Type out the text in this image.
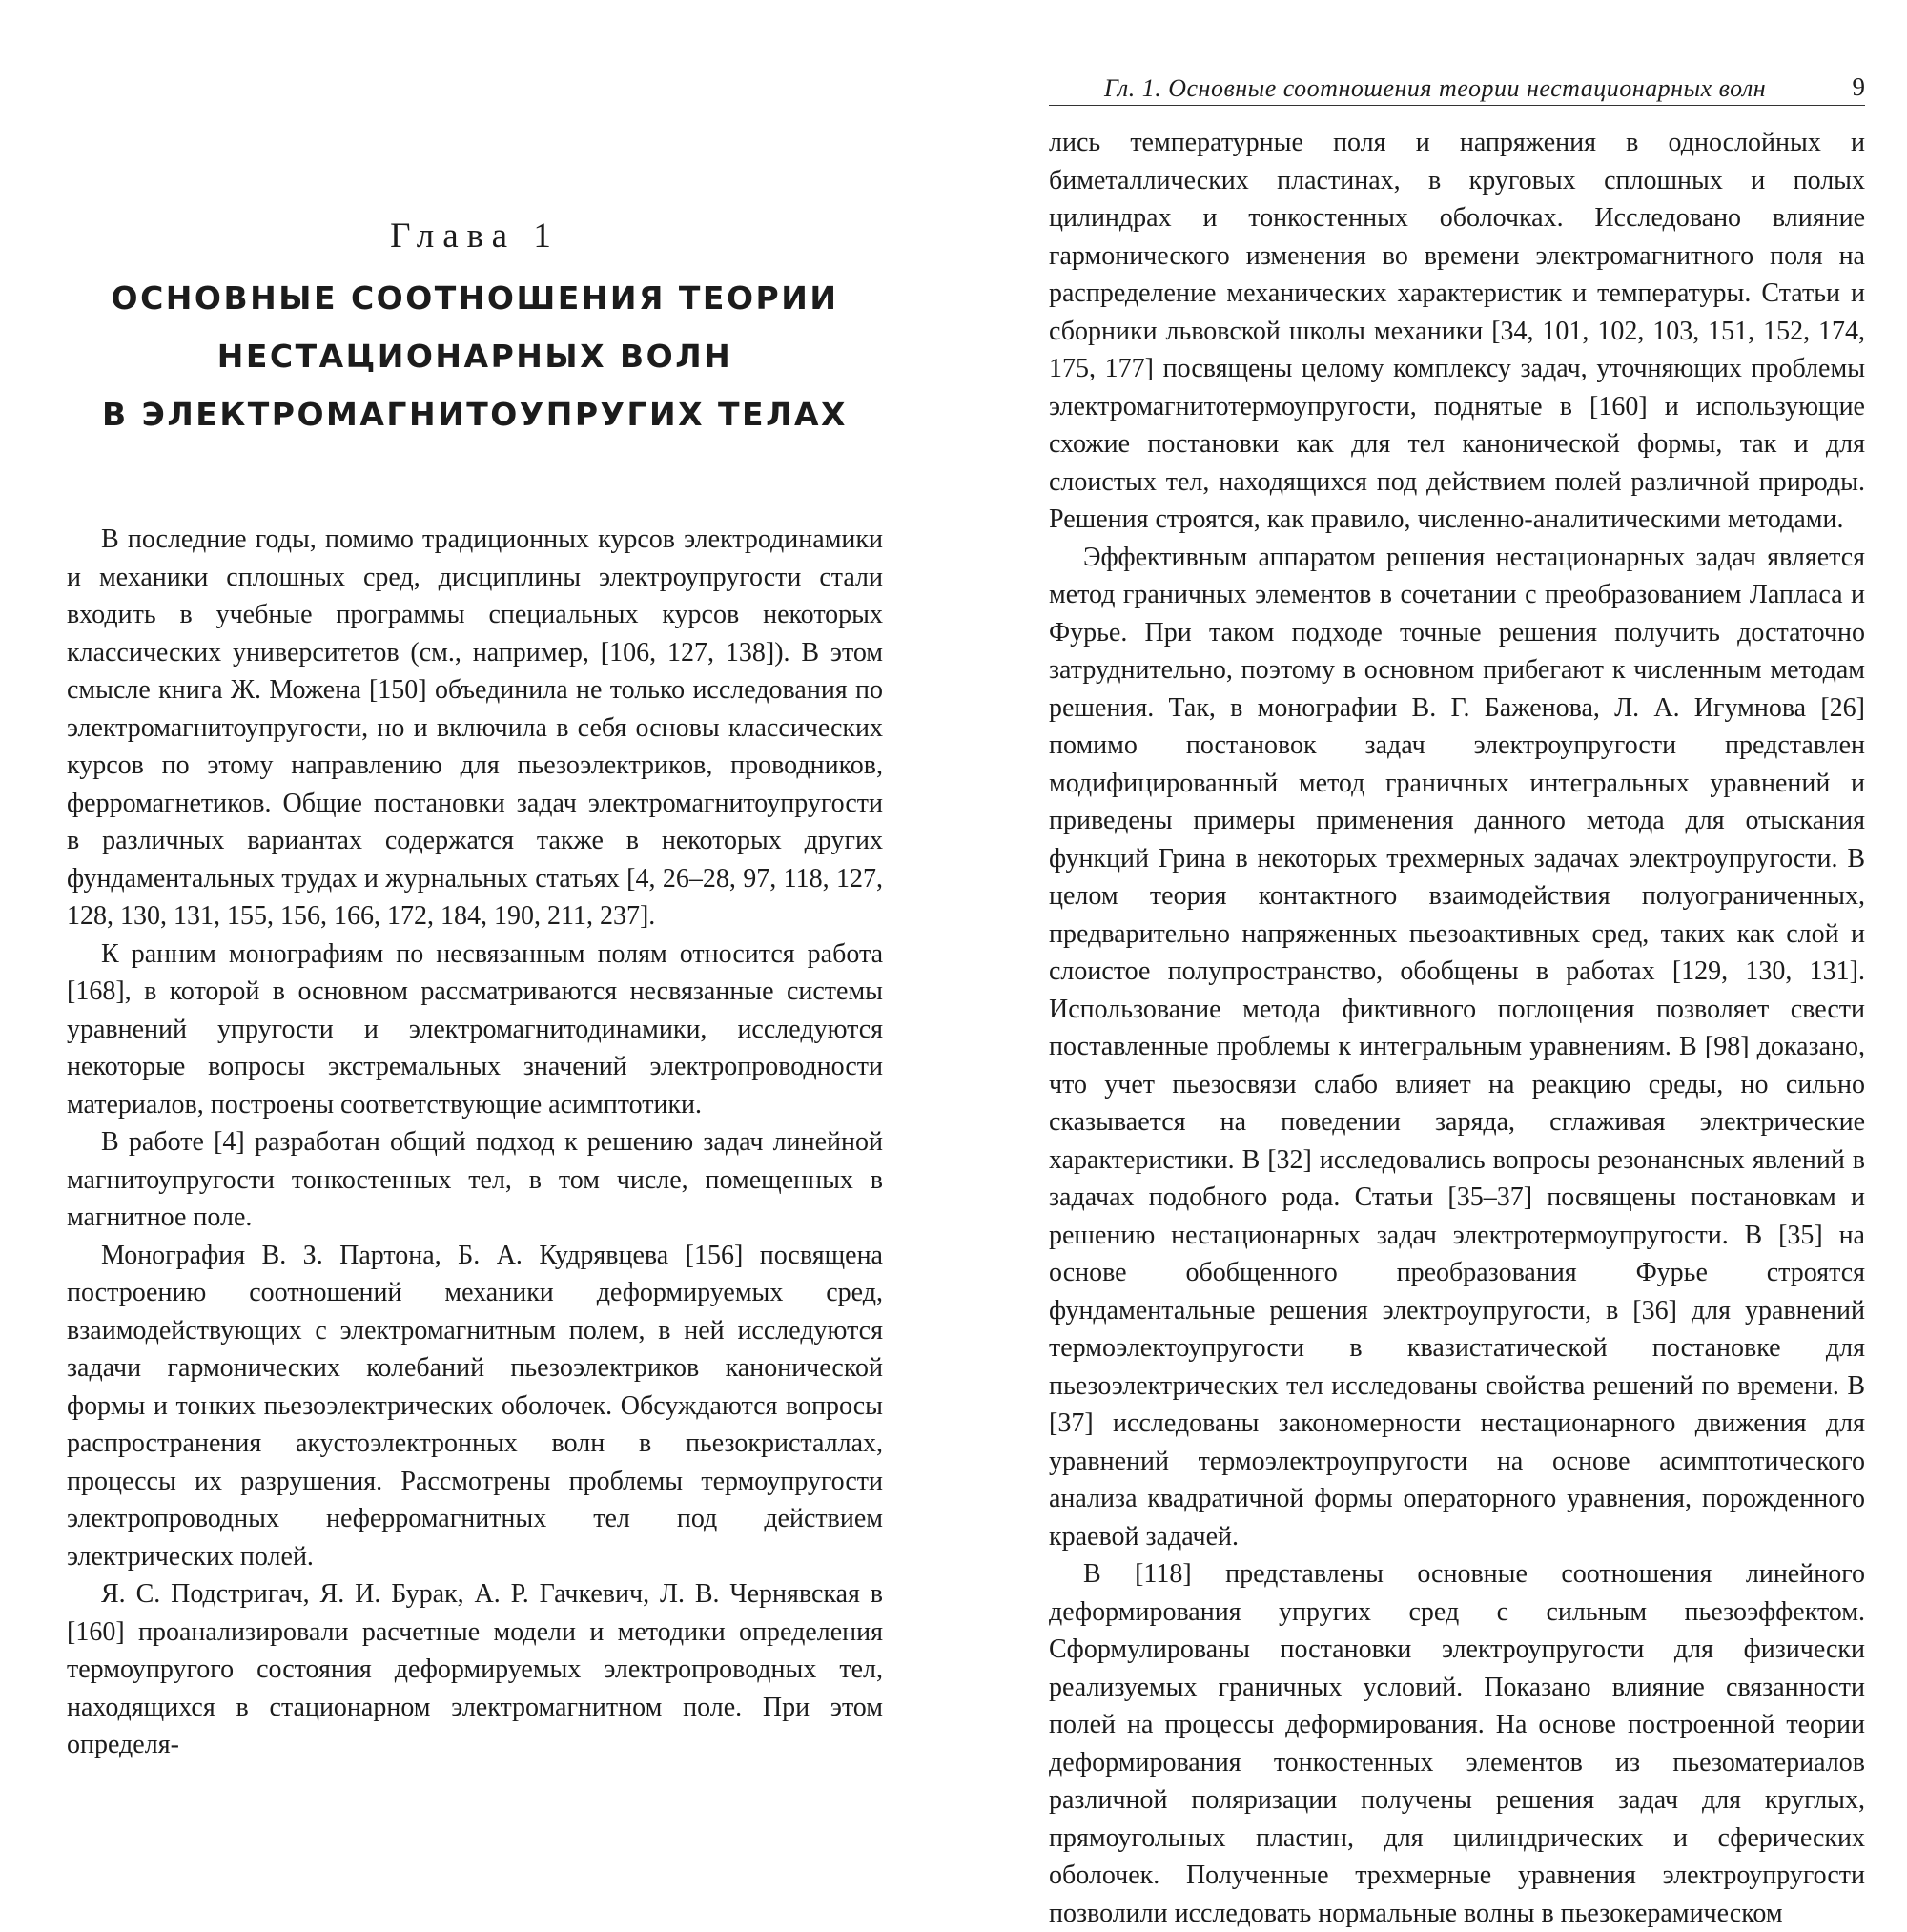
Глава 1
ОСНОВНЫЕ СООТНОШЕНИЯ ТЕОРИИ
НЕСТАЦИОНАРНЫХ ВОЛН
В ЭЛЕКТРОМАГНИТОУПРУГИХ ТЕЛАХ

В последние годы, помимо традиционных курсов электродинамики и механики сплошных сред, дисциплины электроупругости стали входить в учебные программы специальных курсов некоторых классических университетов (см., например, [106, 127, 138]). В этом смысле книга Ж. Можена [150] объединила не только исследования по электромагнитоупругости, но и включила в себя основы классических курсов по этому направлению для пьезоэлектриков, проводников, ферромагнетиков. Общие постановки задач электромагнитоупругости в различных вариантах содержатся также в некоторых других фундаментальных трудах и журнальных статьях [4, 26–28, 97, 118, 127, 128, 130, 131, 155, 156, 166, 172, 184, 190, 211, 237].

К ранним монографиям по несвязанным полям относится работа [168], в которой в основном рассматриваются несвязанные системы уравнений упругости и электромагнитодинамики, исследуются некоторые вопросы экстремальных значений электропроводности материалов, построены соответствующие асимптотики.

В работе [4] разработан общий подход к решению задач линейной магнитоупругости тонкостенных тел, в том числе, помещенных в магнитное поле.

Монография В. З. Партона, Б. А. Кудрявцева [156] посвящена построению соотношений механики деформируемых сред, взаимодействующих с электромагнитным полем, в ней исследуются задачи гармонических колебаний пьезоэлектриков канонической формы и тонких пьезоэлектрических оболочек. Обсуждаются вопросы распространения акустоэлектронных волн в пьезокристаллах, процессы их разрушения. Рассмотрены проблемы термоупругости электропроводных неферромагнитных тел под действием электрических полей.

Я. С. Подстригач, Я. И. Бурак, А. Р. Гачкевич, Л. В. Чернявская в [160] проанализировали расчетные модели и методики определения термоупругого состояния деформируемых электропроводных тел, находящихся в стационарном электромагнитном поле. При этом определя-

Гл. 1. Основные соотношения теории нестационарных волн	9

лись температурные поля и напряжения в однослойных и биметаллических пластинах, в круговых сплошных и полых цилиндрах и тонкостенных оболочках. Исследовано влияние гармонического изменения во времени электромагнитного поля на распределение механических характеристик и температуры. Статьи и сборники львовской школы механики [34, 101, 102, 103, 151, 152, 174, 175, 177] посвящены целому комплексу задач, уточняющих проблемы электромагнитотермоупругости, поднятые в [160] и использующие схожие постановки как для тел канонической формы, так и для слоистых тел, находящихся под действием полей различной природы. Решения строятся, как правило, численно-аналитическими методами.

Эффективным аппаратом решения нестационарных задач является метод граничных элементов в сочетании с преобразованием Лапласа и Фурье. При таком подходе точные решения получить достаточно затруднительно, поэтому в основном прибегают к численным методам решения. Так, в монографии В. Г. Баженова, Л. А. Игумнова [26] помимо постановок задач электроупругости представлен модифицированный метод граничных интегральных уравнений и приведены примеры применения данного метода для отыскания функций Грина в некоторых трехмерных задачах электроупругости. В целом теория контактного взаимодействия полуограниченных, предварительно напряженных пьезоактивных сред, таких как слой и слоистое полупространство, обобщены в работах [129, 130, 131]. Использование метода фиктивного поглощения позволяет свести поставленные проблемы к интегральным уравнениям. В [98] доказано, что учет пьезосвязи слабо влияет на реакцию среды, но сильно сказывается на поведении заряда, сглаживая электрические характеристики. В [32] исследовались вопросы резонансных явлений в задачах подобного рода. Статьи [35–37] посвящены постановкам и решению нестационарных задач электротермоупругости. В [35] на основе обобщенного преобразования Фурье строятся фундаментальные решения электроупругости, в [36] для уравнений термоэлектоупругости в квазистатической постановке для пьезоэлектрических тел исследованы свойства решений по времени. В [37] исследованы закономерности нестационарного движения для уравнений термоэлектроупругости на основе асимптотического анализа квадратичной формы операторного уравнения, порожденного краевой задачей.

В [118] представлены основные соотношения линейного деформирования упругих сред с сильным пьезоэффектом. Сформулированы постановки электроупругости для физически реализуемых граничных условий. Показано влияние связанности полей на процессы деформирования. На основе построенной теории деформирования тонкостенных элементов из пьезоматериалов различной поляризации получены решения задач для круглых, прямоугольных пластин, для цилиндрических и сферических оболочек. Полученные трехмерные уравнения электроупругости позволили исследовать нормальные волны в пьезокерамическом
